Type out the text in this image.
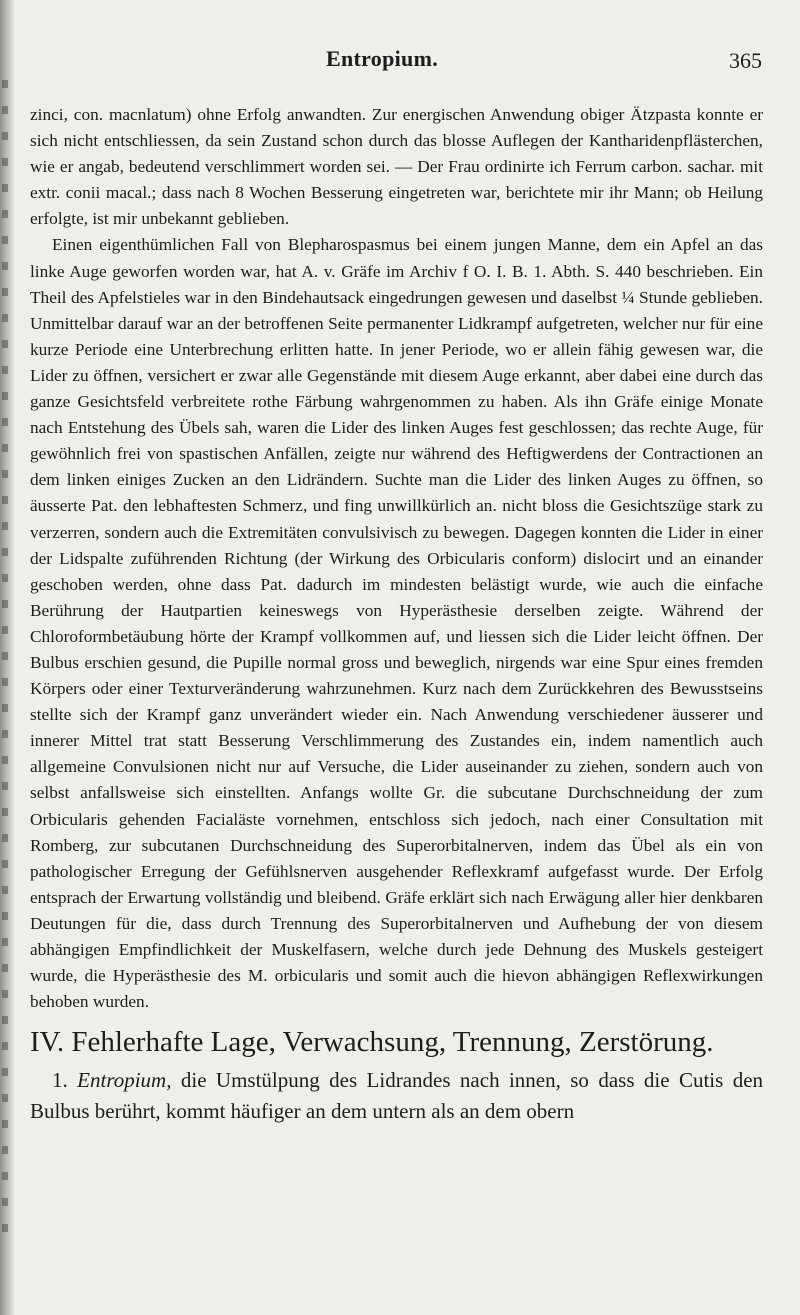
Entropium.	365

zinci, con. macnlatum) ohne Erfolg anwandten. Zur energischen Anwendung obiger Ätzpasta konnte er sich nicht entschliessen, da sein Zustand schon durch das blosse Auflegen der Kantharidenpflästerchen, wie er angab, bedeutend verschlimmert worden sei. — Der Frau ordinirte ich Ferrum carbon. sachar. mit extr. conii macal.; dass nach 8 Wochen Besserung eingetreten war, berichtete mir ihr Mann; ob Heilung erfolgte, ist mir unbekannt geblieben.

Einen eigenthümlichen Fall von Blepharospasmus bei einem jungen Manne, dem ein Apfel an das linke Auge geworfen worden war, hat A. v. Gräfe im Archiv f O. I. B. 1. Abth. S. 440 beschrieben. Ein Theil des Apfelstieles war in den Bindehautsack eingedrungen gewesen und daselbst ¼ Stunde geblieben. Unmittelbar darauf war an der betroffenen Seite permanenter Lidkrampf aufgetreten, welcher nur für eine kurze Periode eine Unterbrechung erlitten hatte. In jener Periode, wo er allein fähig gewesen war, die Lider zu öffnen, versichert er zwar alle Gegenstände mit diesem Auge erkannt, aber dabei eine durch das ganze Gesichtsfeld verbreitete rothe Färbung wahrgenommen zu haben. Als ihn Gräfe einige Monate nach Entstehung des Übels sah, waren die Lider des linken Auges fest geschlossen; das rechte Auge, für gewöhnlich frei von spastischen Anfällen, zeigte nur während des Heftigwerdens der Contractionen an dem linken einiges Zucken an den Lidrändern. Suchte man die Lider des linken Auges zu öffnen, so äusserte Pat. den lebhaftesten Schmerz, und fing unwillkürlich an. nicht bloss die Gesichtszüge stark zu verzerren, sondern auch die Extremitäten convulsivisch zu bewegen. Dagegen konnten die Lider in einer der Lidspalte zuführenden Richtung (der Wirkung des Orbicularis conform) dislocirt und an einander geschoben werden, ohne dass Pat. dadurch im mindesten belästigt wurde, wie auch die einfache Berührung der Hautpartien keineswegs von Hyperästhesie derselben zeigte. Während der Chloroformbetäubung hörte der Krampf vollkommen auf, und liessen sich die Lider leicht öffnen. Der Bulbus erschien gesund, die Pupille normal gross und beweglich, nirgends war eine Spur eines fremden Körpers oder einer Texturveränderung wahrzunehmen. Kurz nach dem Zurückkehren des Bewusstseins stellte sich der Krampf ganz unverändert wieder ein. Nach Anwendung verschiedener äusserer und innerer Mittel trat statt Besserung Verschlimmerung des Zustandes ein, indem namentlich auch allgemeine Convulsionen nicht nur auf Versuche, die Lider auseinander zu ziehen, sondern auch von selbst anfallsweise sich einstellten. Anfangs wollte Gr. die subcutane Durchschneidung der zum Orbicularis gehenden Facialäste vornehmen, entschloss sich jedoch, nach einer Consultation mit Romberg, zur subcutanen Durchschneidung des Superorbitalnerven, indem das Übel als ein von pathologischer Erregung der Gefühlsnerven ausgehender Reflexkramf aufgefasst wurde. Der Erfolg entsprach der Erwartung vollständig und bleibend. Gräfe erklärt sich nach Erwägung aller hier denkbaren Deutungen für die, dass durch Trennung des Superorbitalnerven und Aufhebung der von diesem abhängigen Empfindlichkeit der Muskelfasern, welche durch jede Dehnung des Muskels gesteigert wurde, die Hyperästhesie des M. orbicularis und somit auch die hievon abhängigen Reflexwirkungen behoben wurden.

IV. Fehlerhafte Lage, Verwachsung, Trennung, Zerstörung.

1. Entropium, die Umstülpung des Lidrandes nach innen, so dass die Cutis den Bulbus berührt, kommt häufiger an dem untern als an dem obern
